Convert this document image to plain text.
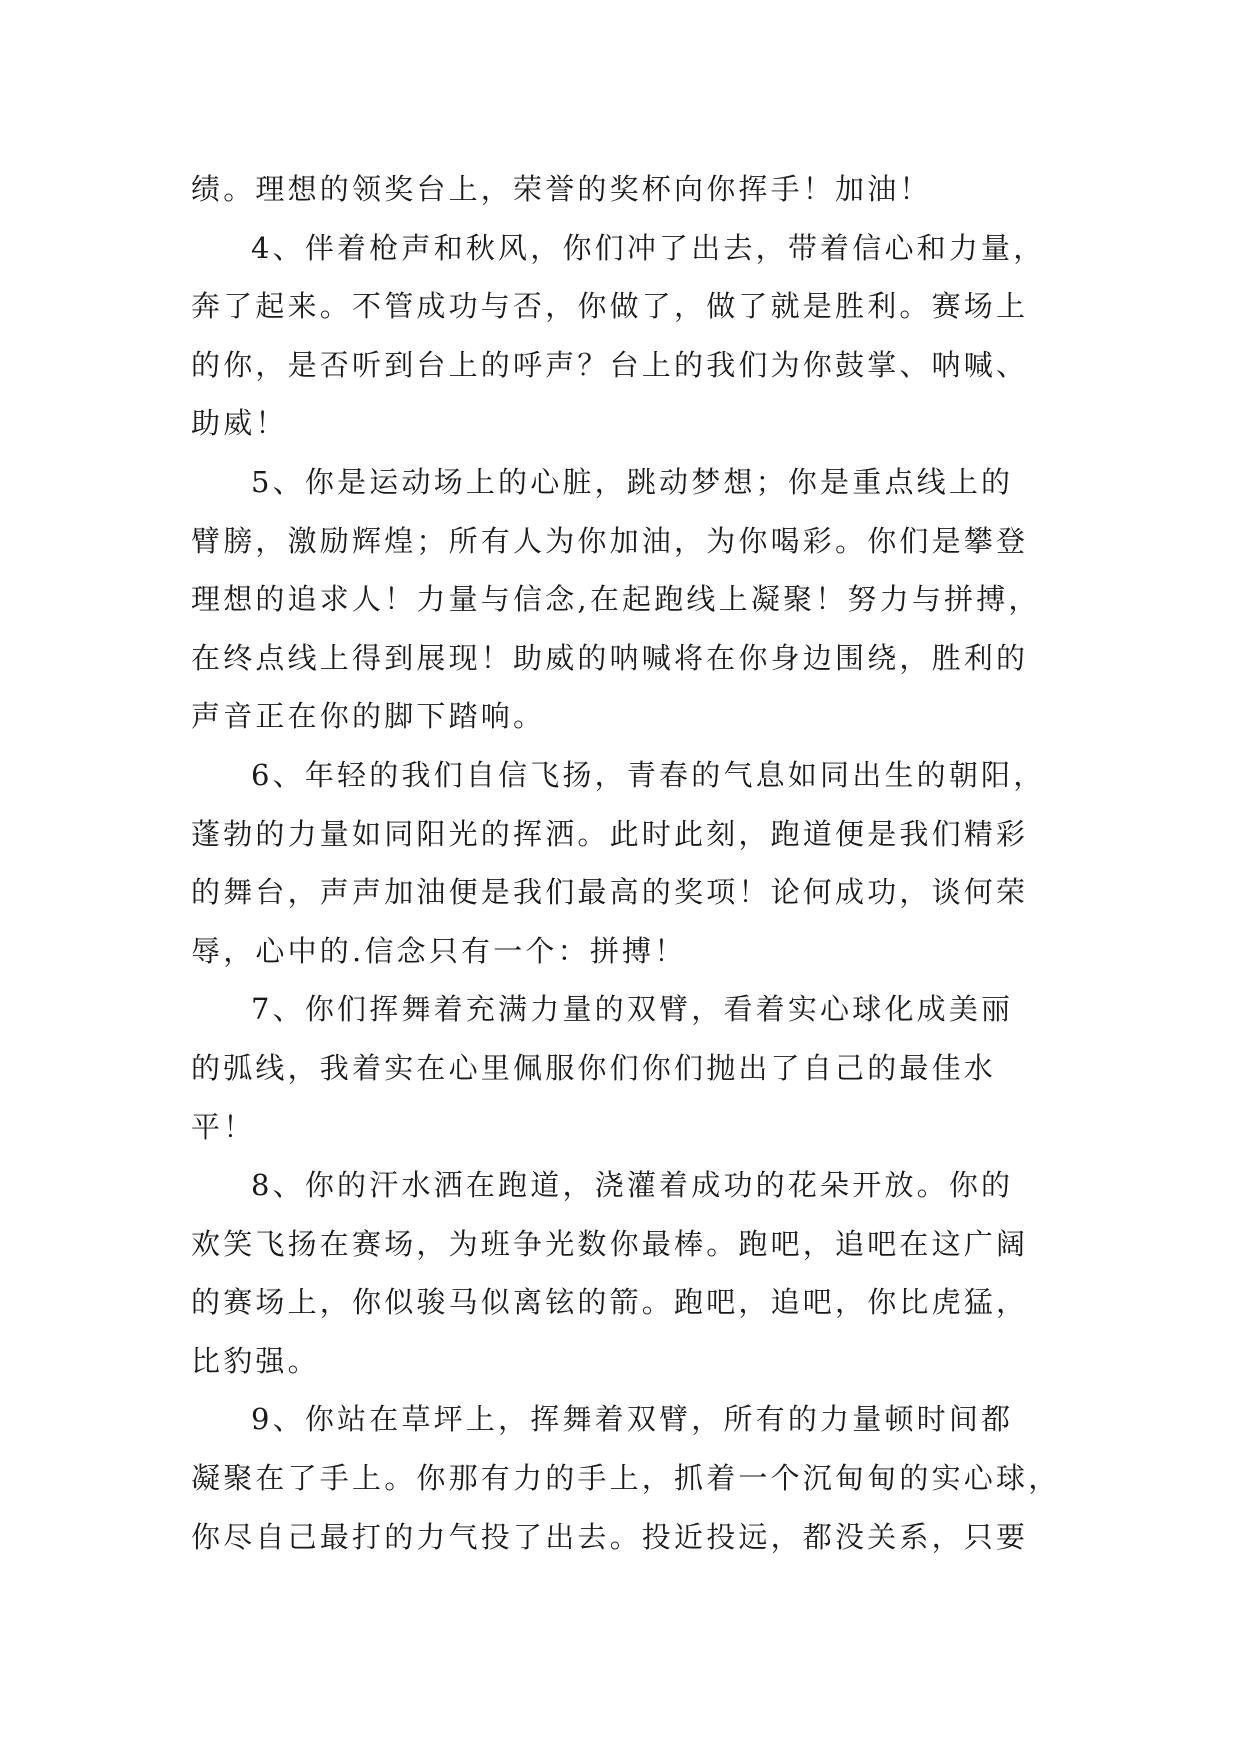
绩。理想的领奖台上，荣誉的奖杯向你挥手！加油！
4、伴着枪声和秋风，你们冲了出去，带着信心和力量，
奔了起来。不管成功与否，你做了，做了就是胜利。赛场上
的你，是否听到台上的呼声？台上的我们为你鼓掌、呐喊、
助威！
5、你是运动场上的心脏，跳动梦想；你是重点线上的
臂膀，激励辉煌；所有人为你加油，为你喝彩。你们是攀登
理想的追求人！力量与信念,在起跑线上凝聚！努力与拼搏，
在终点线上得到展现！助威的呐喊将在你身边围绕，胜利的
声音正在你的脚下踏响。
6、年轻的我们自信飞扬，青春的气息如同出生的朝阳，
蓬勃的力量如同阳光的挥洒。此时此刻，跑道便是我们精彩
的舞台，声声加油便是我们最高的奖项！论何成功，谈何荣
辱，心中的.信念只有一个：拼搏！
7、你们挥舞着充满力量的双臂，看着实心球化成美丽
的弧线，我着实在心里佩服你们你们抛出了自己的最佳水
平！
8、你的汗水洒在跑道，浇灌着成功的花朵开放。你的
欢笑飞扬在赛场，为班争光数你最棒。跑吧，追吧在这广阔
的赛场上，你似骏马似离铉的箭。跑吧，追吧，你比虎猛，
比豹强。
9、你站在草坪上，挥舞着双臂，所有的力量顿时间都
凝聚在了手上。你那有力的手上，抓着一个沉甸甸的实心球，
你尽自己最打的力气投了出去。投近投远，都没关系，只要
